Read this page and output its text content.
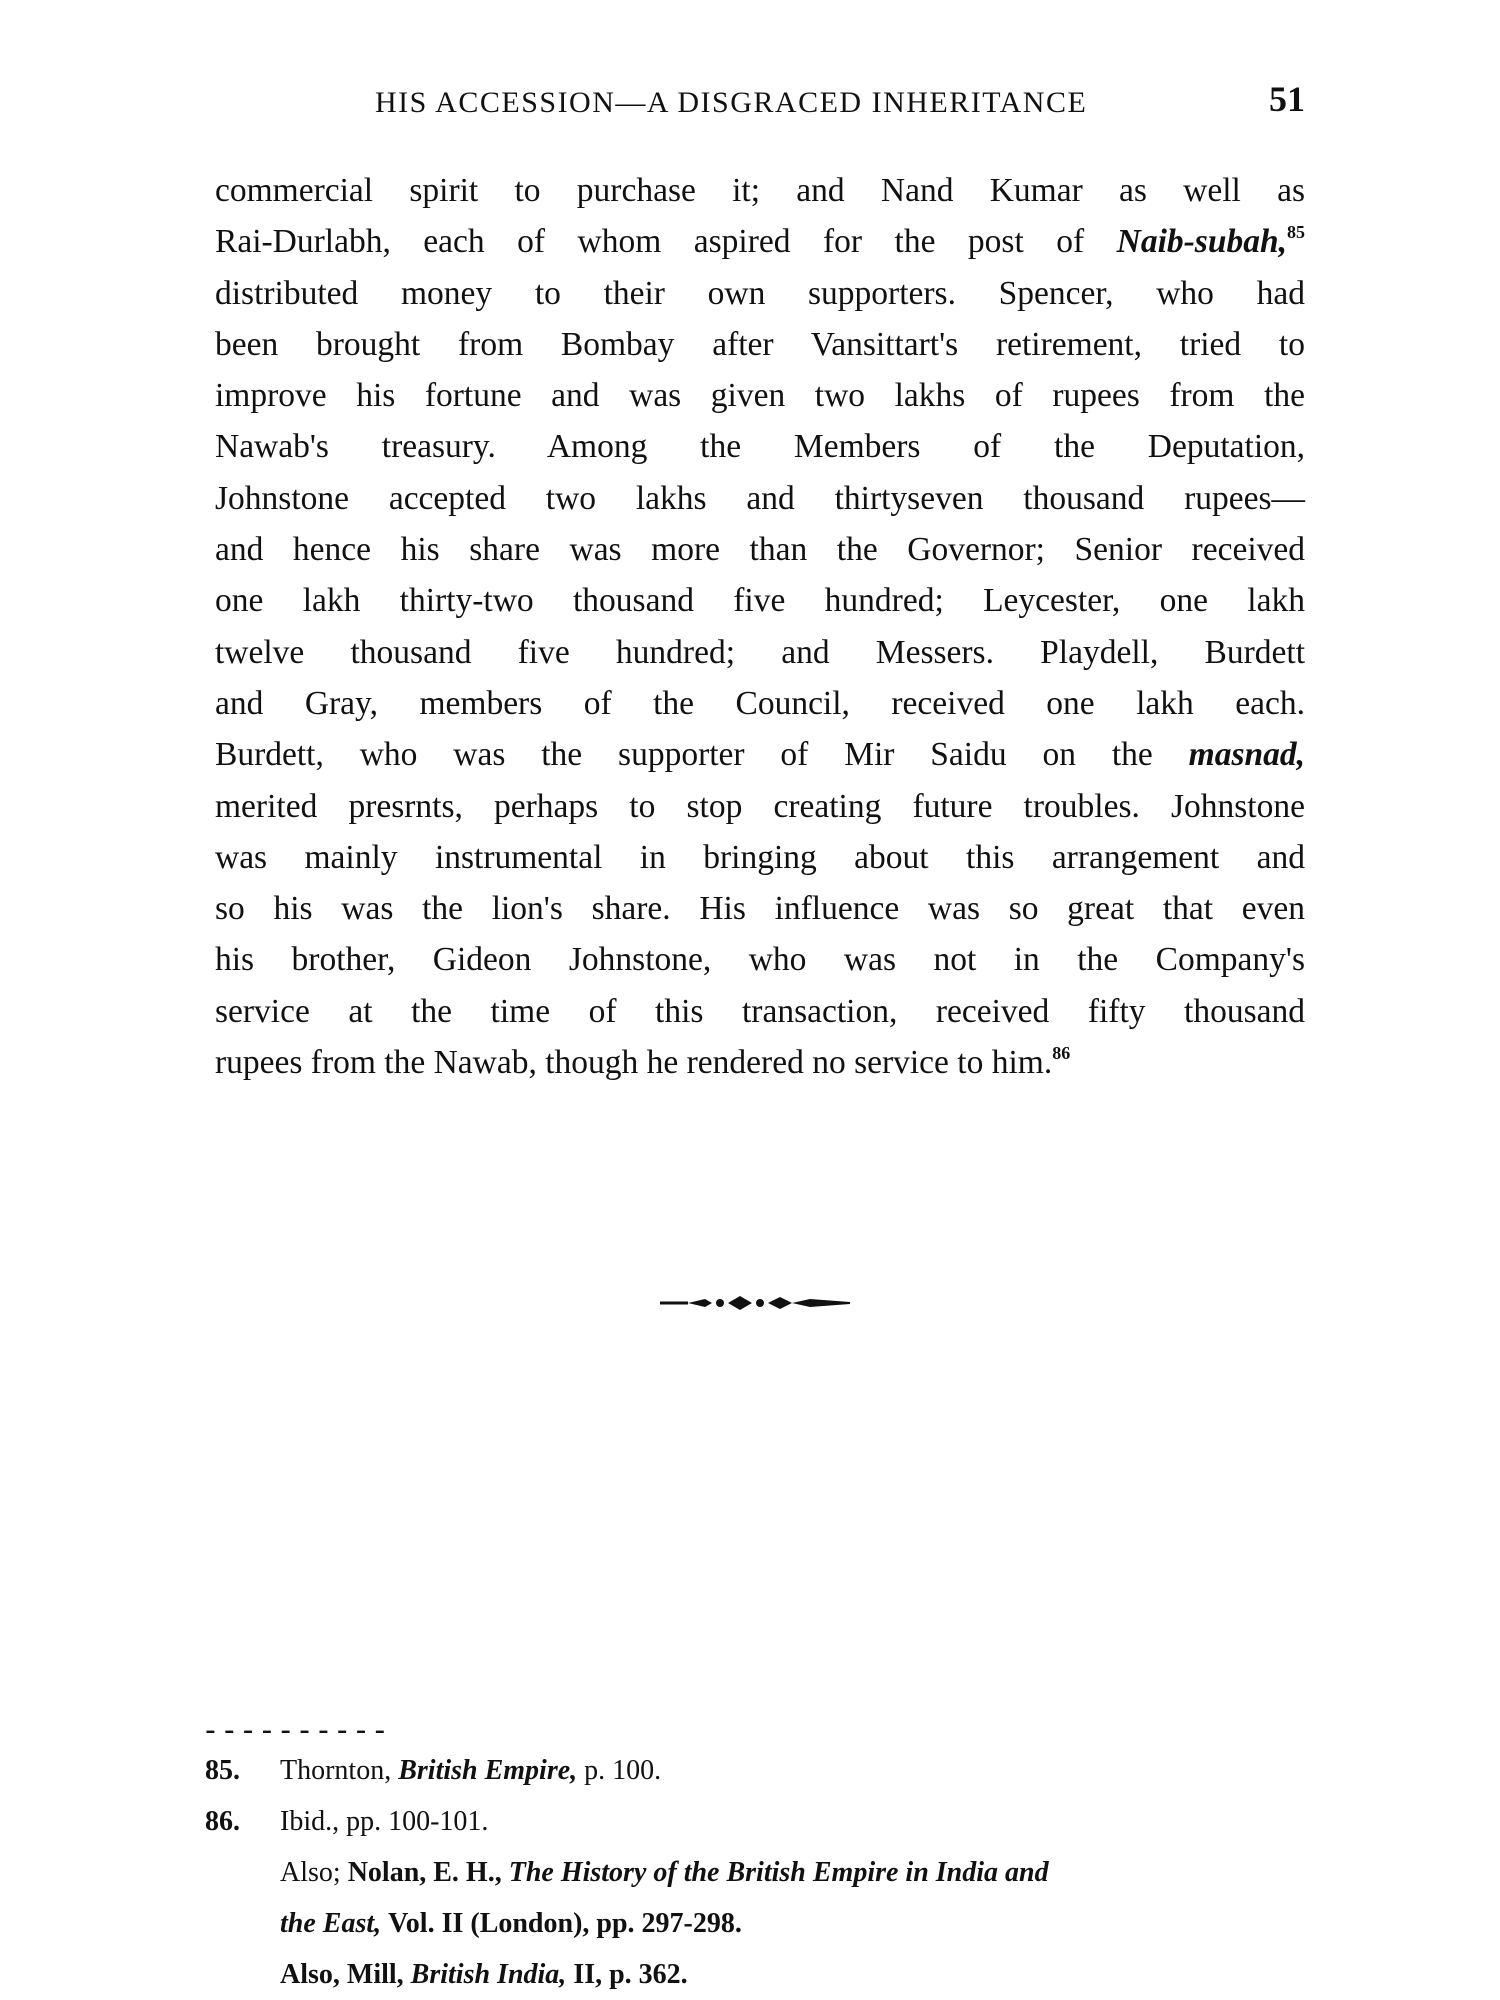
HIS ACCESSION—A DISGRACED INHERITANCE	51
commercial spirit to purchase it; and Nand Kumar as well as
Rai-Durlabh, each of whom aspired for the post of Naib-subah,$^{85}$
distributed money to their own supporters. Spencer, who had
been brought from Bombay after Vansittart's retirement, tried to
improve his fortune and was given two lakhs of rupees from the
Nawab's treasury. Among the Members of the Deputation,
Johnstone accepted two lakhs and thirtyseven thousand rupees—
and hence his share was more than the Governor; Senior received
one lakh thirty-two thousand five hundred; Leycester, one lakh
twelve thousand five hundred; and Messers. Playdell, Burdett
and Gray, members of the Council, received one lakh each.
Burdett, who was the supporter of Mir Saidu on the masnad,
merited presrnts, perhaps to stop creating future troubles. Johnstone
was mainly instrumental in bringing about this arrangement and
so his was the lion's share. His influence was so great that even
his brother, Gideon Johnstone, who was not in the Company's
service at the time of this transaction, received fifty thousand
rupees from the Nawab, though he rendered no service to him.$^{86}$
----------
85. Thornton, British Empire, p. 100.
86. Ibid., pp. 100-101.
Also; Nolan, E. H., The History of the British Empire in India and
the East, Vol. II (London), pp. 297-298.
Also, Mill, British India, II, p. 362.
